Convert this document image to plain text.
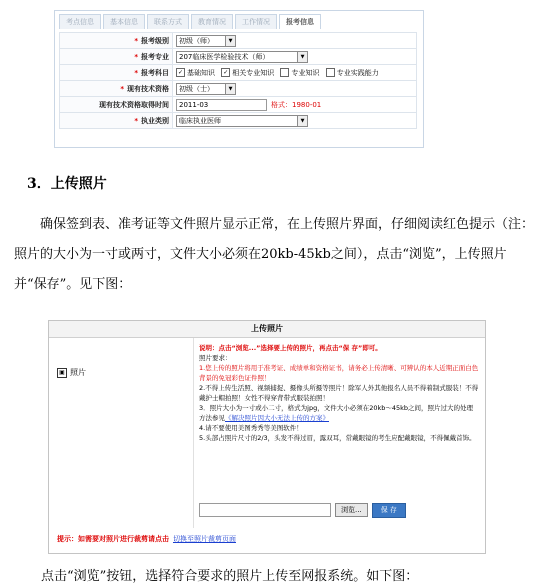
考点信息	基本信息	联系方式	教育情况	工作情况	报考信息
* 报考级别	初级（师） ▼

* 报考专业	207临床医学检验技术（师） ▼

* 报考科目	✓ 基础知识 ✓ 相关专业知识 专业知识 专业实践能力
* 现有技术资格	初级（士） ▼

现有技术资格取得时间	2011-03 格式：1980-01
* 执业类别	临床执业医师 ▼
3．上传照片

确保签到表、准考证等文件照片显示正常，在上传照片界面，仔细阅读红色提示（注：照片的大小为一寸或两寸，文件大小必须在20kb-45kb之间），点击“浏览”，上传照片并“保存”。见下图：

上传照片
▣ 照片
说明：点击“浏览...”选择要上传的照片，再点击“保 存”即可。
照片要求：
1.您上传的照片将用于准考证、成绩单和资格证书，请务必上传清晰、可辨认的本人近期正面白色背景的免冠彩色证件照！
2.不得上传生活照、视频捕捉、摄像头所摄等照片！除军人外其他报名人员不得着制式服装！不得戴护士帽拍照！女性不得穿背带式服装拍照！
3．照片大小为一寸或小二寸，格式为jpg，文件大小必须在20kb～45kb之间，照片过大的处理方法参见《解决照片因大小无法上传的方案》
4.请不要使用美图秀秀等美图软件！
5.头部占照片尺寸的2/3，头发不得过眉，露双耳，常戴眼镜的考生应配戴眼镜，不得佩戴首饰。
浏览...	保 存
提示：如需要对照片进行裁剪请点击 切换至照片裁剪页面
点击“浏览”按钮，选择符合要求的照片上传至网报系统。如下图：
